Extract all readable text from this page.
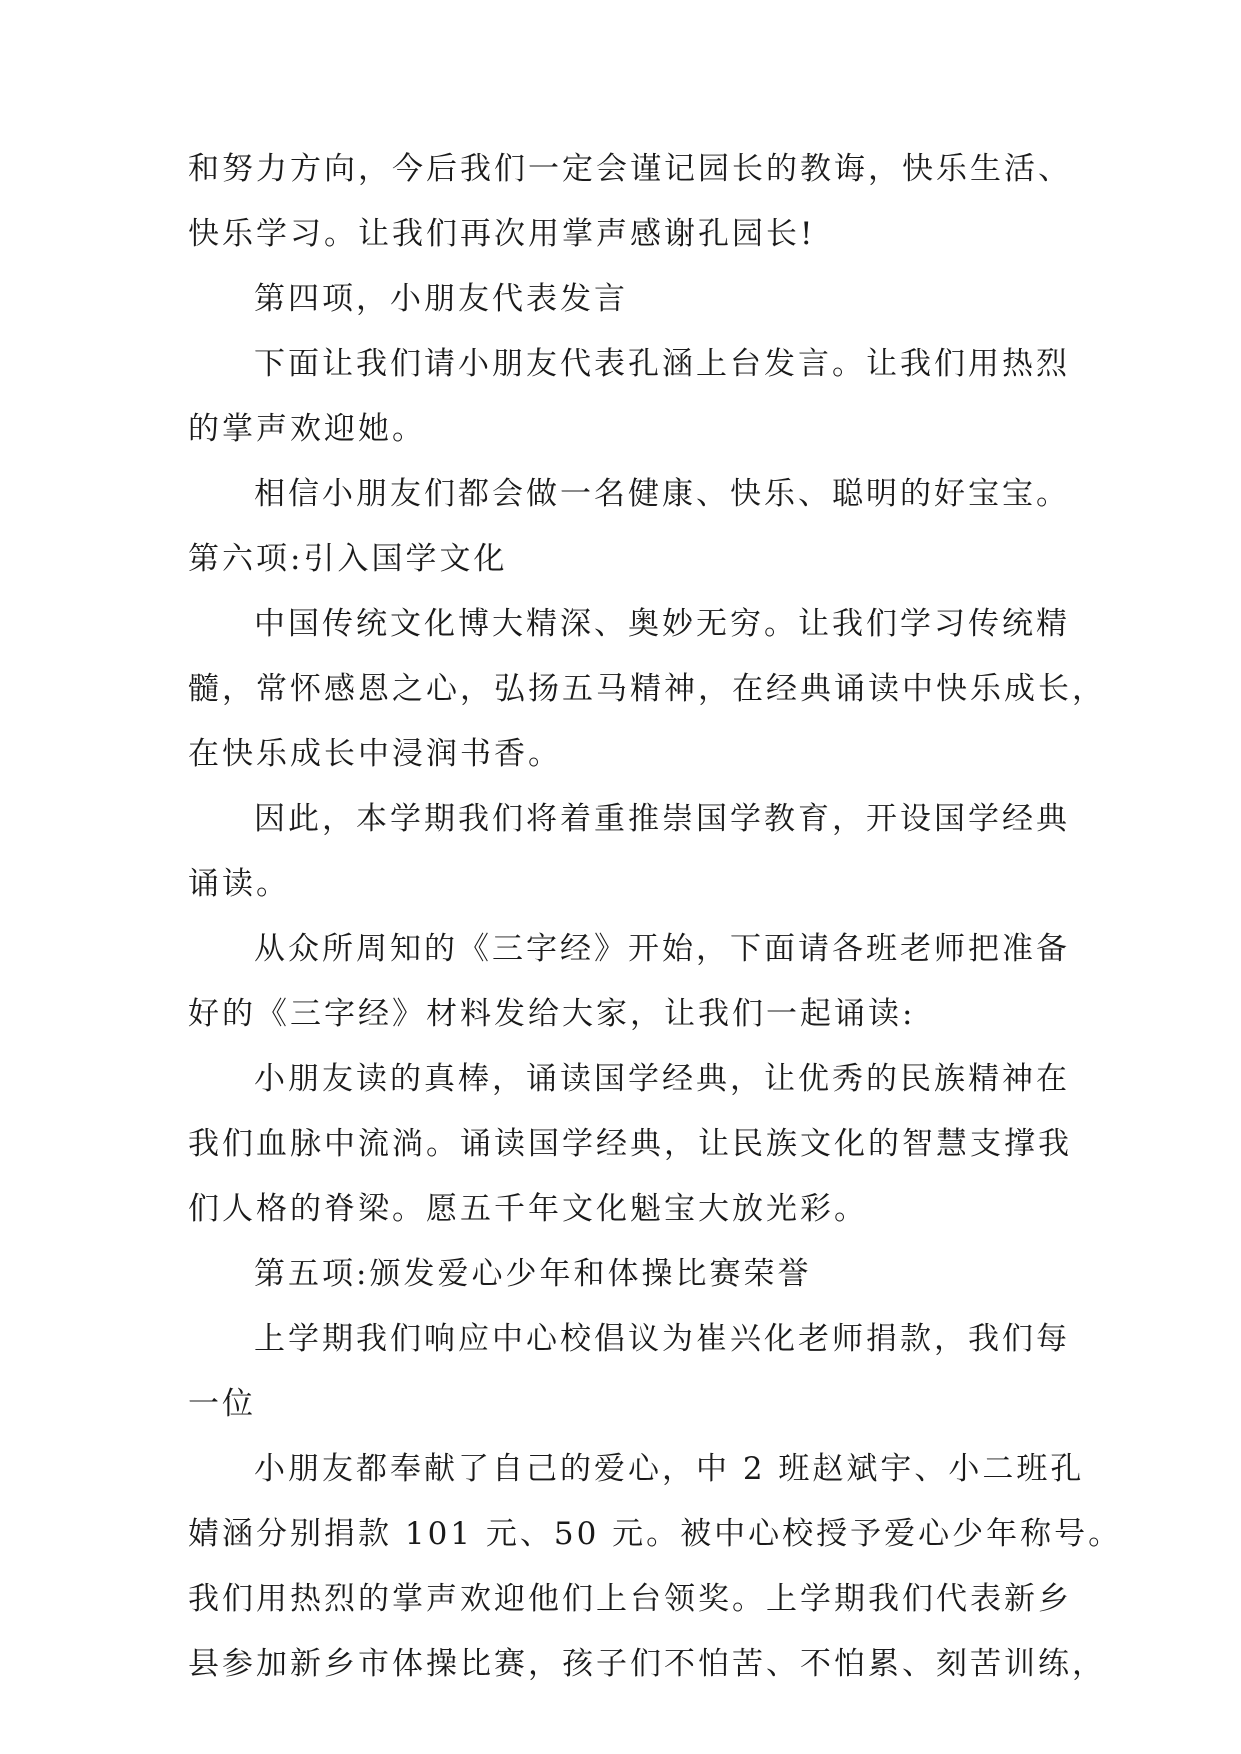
和努力方向，今后我们一定会谨记园长的教诲，快乐生活、
快乐学习。让我们再次用掌声感谢孔园长!
第四项，小朋友代表发言
下面让我们请小朋友代表孔涵上台发言。让我们用热烈
的掌声欢迎她。
相信小朋友们都会做一名健康、快乐、聪明的好宝宝。
第六项:引入国学文化
中国传统文化博大精深、奥妙无穷。让我们学习传统精
髓，常怀感恩之心，弘扬五马精神，在经典诵读中快乐成长，
在快乐成长中浸润书香。
因此，本学期我们将着重推崇国学教育，开设国学经典
诵读。
从众所周知的《三字经》开始，下面请各班老师把准备
好的《三字经》材料发给大家，让我们一起诵读:
小朋友读的真棒，诵读国学经典，让优秀的民族精神在
我们血脉中流淌。诵读国学经典，让民族文化的智慧支撑我
们人格的脊梁。愿五千年文化魁宝大放光彩。
第五项:颁发爱心少年和体操比赛荣誉
上学期我们响应中心校倡议为崔兴化老师捐款，我们每
一位
小朋友都奉献了自己的爱心，中 2 班赵斌宇、小二班孔
婧涵分别捐款 101 元、50 元。被中心校授予爱心少年称号。
我们用热烈的掌声欢迎他们上台领奖。上学期我们代表新乡
县参加新乡市体操比赛，孩子们不怕苦、不怕累、刻苦训练，
